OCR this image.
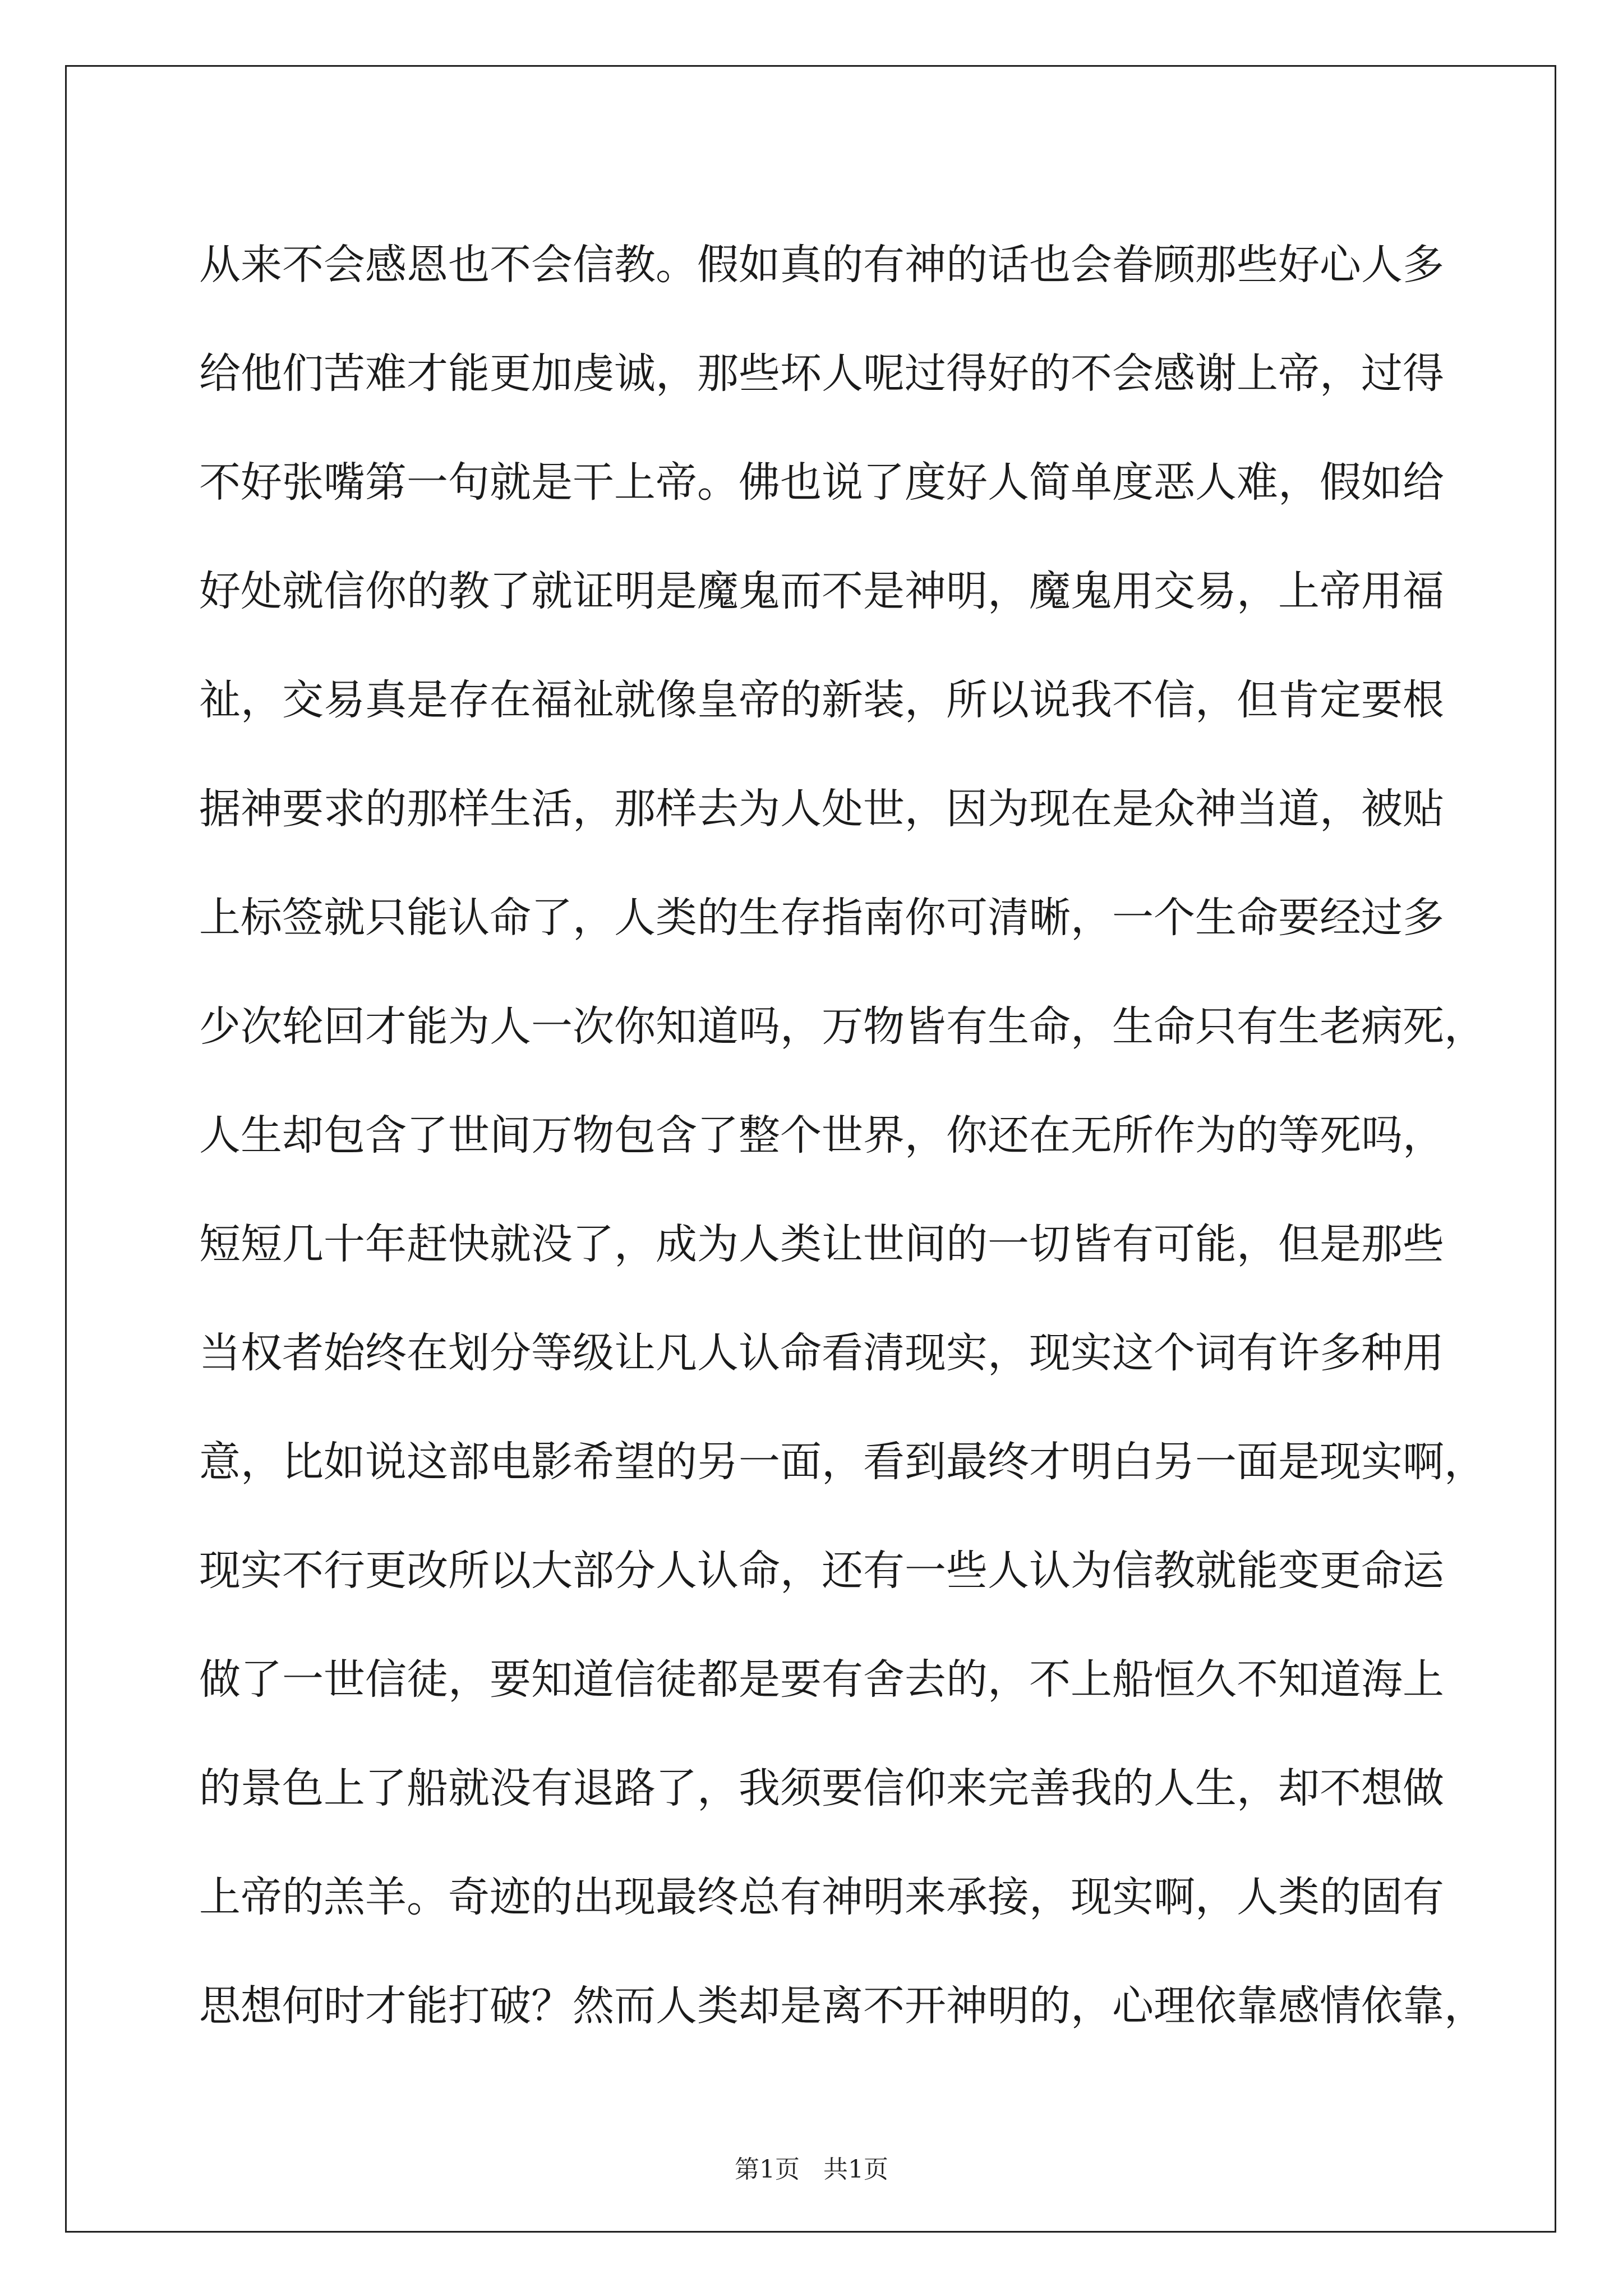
从来不会感恩也不会信教。假如真的有神的话也会眷顾那些好心人多
给他们苦难才能更加虔诚，那些坏人呢过得好的不会感谢上帝，过得
不好张嘴第一句就是干上帝。佛也说了度好人简单度恶人难，假如给
好处就信你的教了就证明是魔鬼而不是神明，魔鬼用交易，上帝用福
祉，交易真是存在福祉就像皇帝的新装，所以说我不信，但肯定要根
据神要求的那样生活，那样去为人处世，因为现在是众神当道，被贴
上标签就只能认命了，人类的生存指南你可清晰，一个生命要经过多
少次轮回才能为人一次你知道吗，万物皆有生命，生命只有生老病死，
人生却包含了世间万物包含了整个世界，你还在无所作为的等死吗，
短短几十年赶快就没了，成为人类让世间的一切皆有可能，但是那些
当权者始终在划分等级让凡人认命看清现实，现实这个词有许多种用
意，比如说这部电影希望的另一面，看到最终才明白另一面是现实啊，
现实不行更改所以大部分人认命，还有一些人认为信教就能变更命运
做了一世信徒，要知道信徒都是要有舍去的，不上船恒久不知道海上
的景色上了船就没有退路了，我须要信仰来完善我的人生，却不想做
上帝的羔羊。奇迹的出现最终总有神明来承接，现实啊，人类的固有
思想何时才能打破？然而人类却是离不开神明的，心理依靠感情依靠，
第1页   共1页
